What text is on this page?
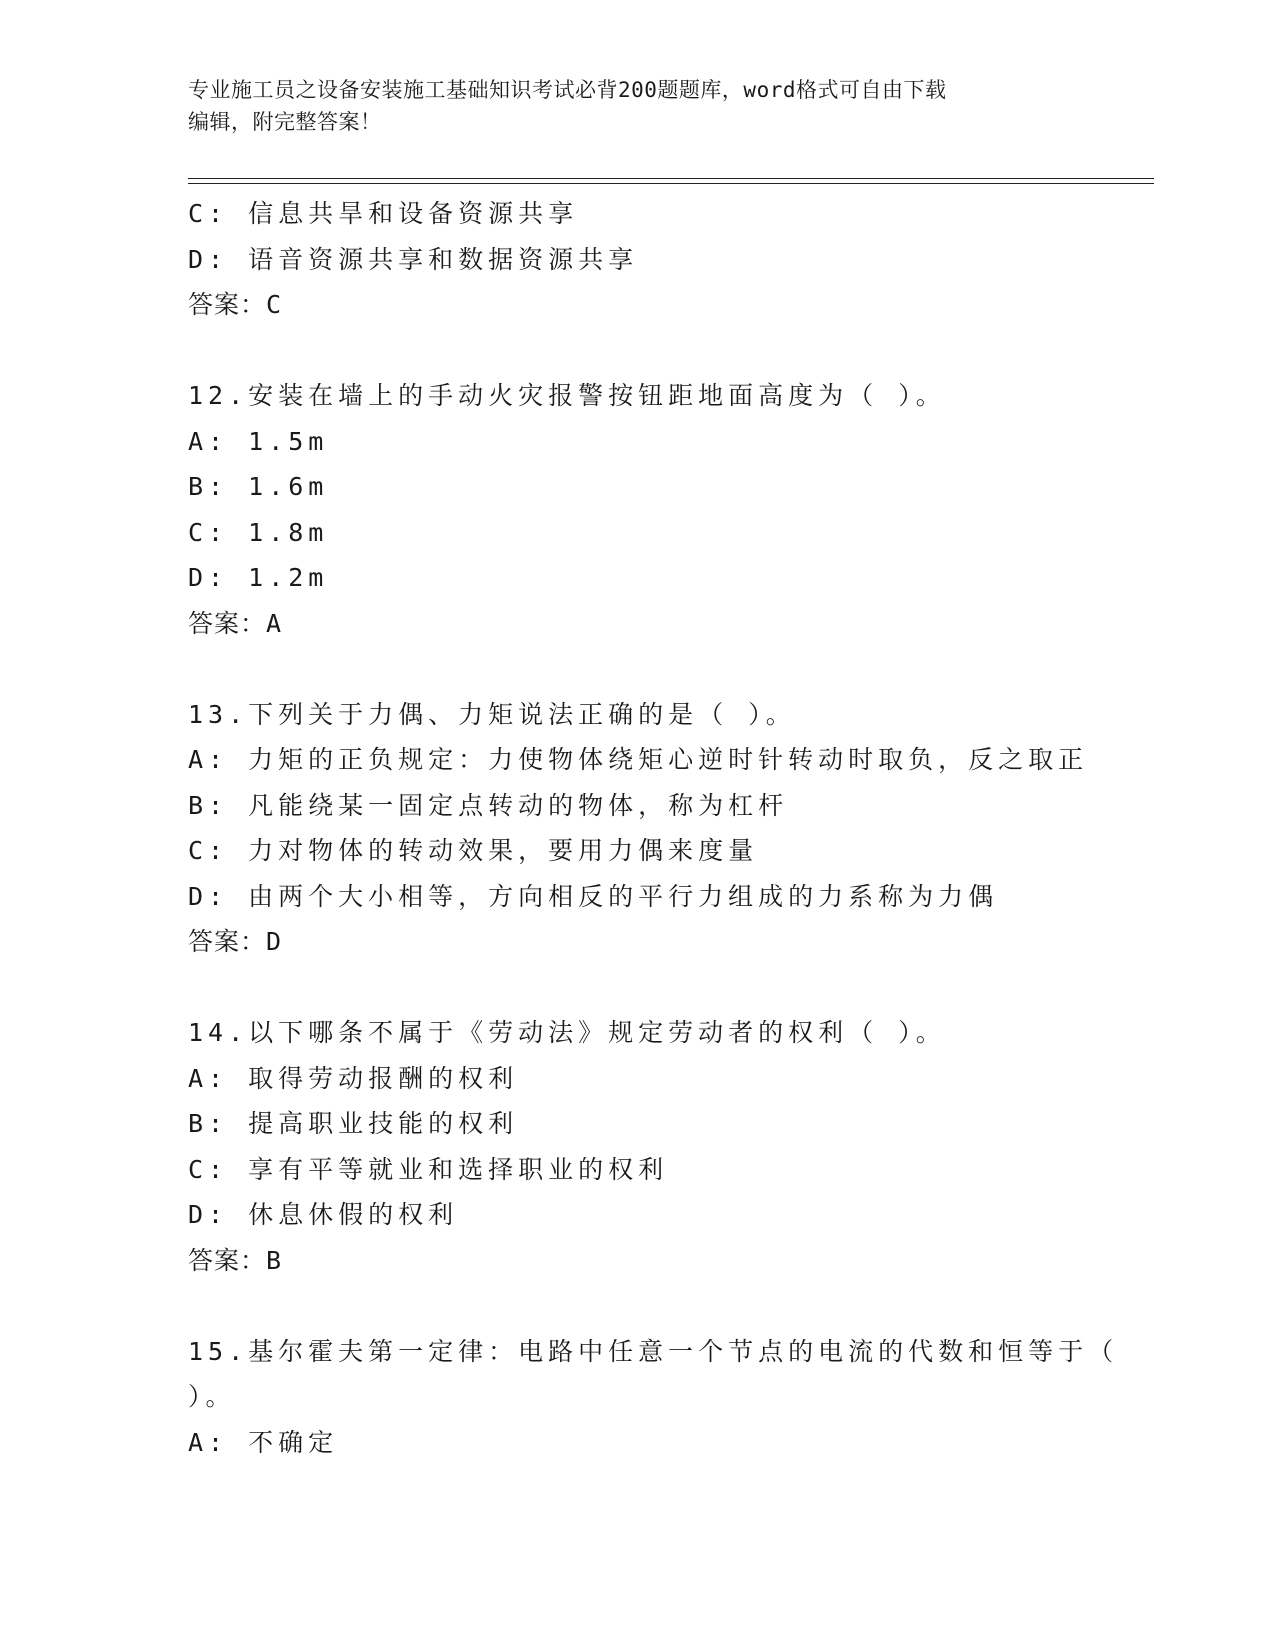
专业施工员之设备安装施工基础知识考试必背200题题库，word格式可自由下载
编辑，附完整答案！
C: 信息共旱和设备资源共享
D: 语音资源共享和数据资源共享
答案：C
12.安装在墙上的手动火灾报警按钮距地面高度为（ ）。
A: 1.5m
B: 1.6m
C: 1.8m
D: 1.2m
答案：A
13.下列关于力偶、力矩说法正确的是（ ）。
A: 力矩的正负规定：力使物体绕矩心逆时针转动时取负，反之取正
B: 凡能绕某一固定点转动的物体，称为杠杆
C: 力对物体的转动效果，要用力偶来度量
D: 由两个大小相等，方向相反的平行力组成的力系称为力偶
答案：D
14.以下哪条不属于《劳动法》规定劳动者的权利（ ）。
A: 取得劳动报酬的权利
B: 提高职业技能的权利
C: 享有平等就业和选择职业的权利
D: 休息休假的权利
答案：B
15.基尔霍夫第一定律：电路中任意一个节点的电流的代数和恒等于（
）。
A: 不确定
